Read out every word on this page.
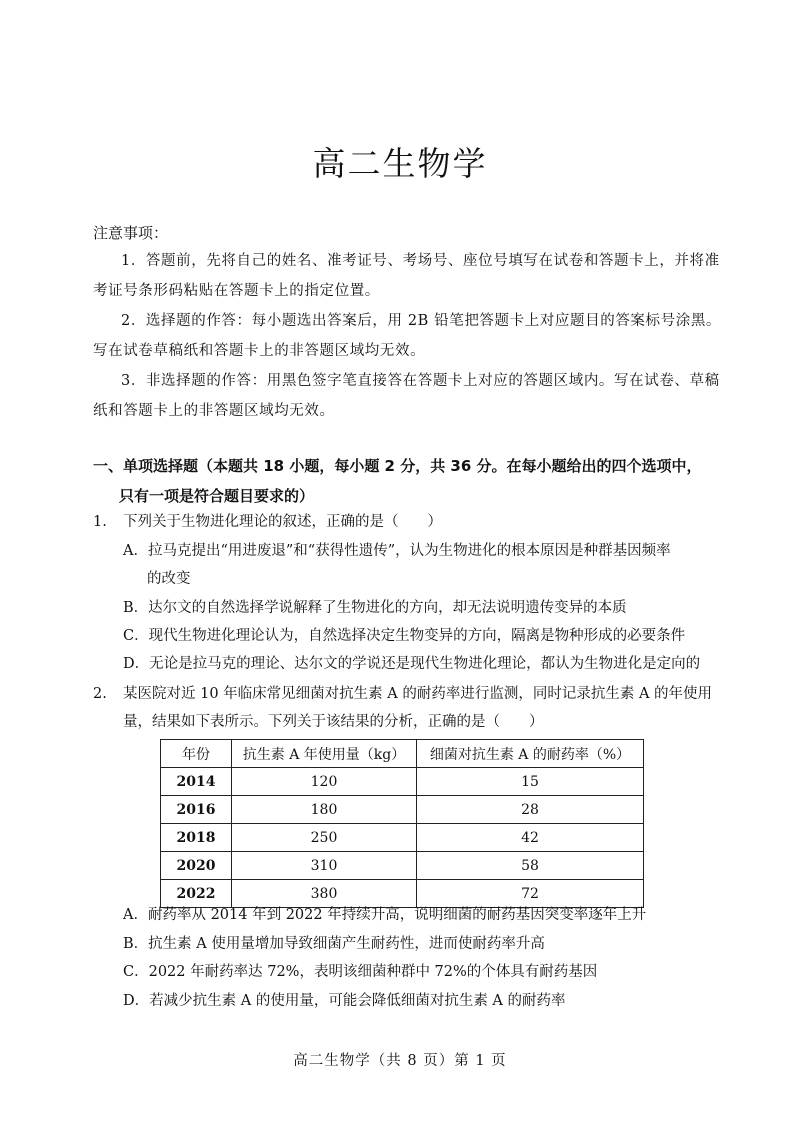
高二生物学
注意事项：
1．答题前，先将自己的姓名、准考证号、考场号、座位号填写在试卷和答题卡上，并将准考证号条形码粘贴在答题卡上的指定位置。
2．选择题的作答：每小题选出答案后，用 2B 铅笔把答题卡上对应题目的答案标号涂黑。写在试卷草稿纸和答题卡上的非答题区域均无效。
3．非选择题的作答：用黑色签字笔直接答在答题卡上对应的答题区域内。写在试卷、草稿纸和答题卡上的非答题区域均无效。
一、单项选择题（本题共 18 小题，每小题 2 分，共 36 分。在每小题给出的四个选项中，
只有一项是符合题目要求的）
1.	下列关于生物进化理论的叙述，正确的是（　　）
A．拉马克提出“用进废退”和“获得性遗传”，认为生物进化的根本原因是种群基因频率
的改变
B．达尔文的自然选择学说解释了生物进化的方向，却无法说明遗传变异的本质
C．现代生物进化理论认为，自然选择决定生物变异的方向，隔离是物种形成的必要条件
D．无论是拉马克的理论、达尔文的学说还是现代生物进化理论，都认为生物进化是定向的
2.	某医院对近 10 年临床常见细菌对抗生素 A 的耐药率进行监测，同时记录抗生素 A 的年使用量，结果如下表所示。下列关于该结果的分析，正确的是（　　）
年份	抗生素 A 年使用量（kg）	细菌对抗生素 A 的耐药率（%）
2014	120	15
2016	180	28
2018	250	42
2020	310	58
2022	380	72
A．耐药率从 2014 年到 2022 年持续升高，说明细菌的耐药基因突变率逐年上升
B．抗生素 A 使用量增加导致细菌产生耐药性，进而使耐药率升高
C．2022 年耐药率达 72%，表明该细菌种群中 72%的个体具有耐药基因
D．若减少抗生素 A 的使用量，可能会降低细菌对抗生素 A 的耐药率
高二生物学（共 8 页）第 1 页
